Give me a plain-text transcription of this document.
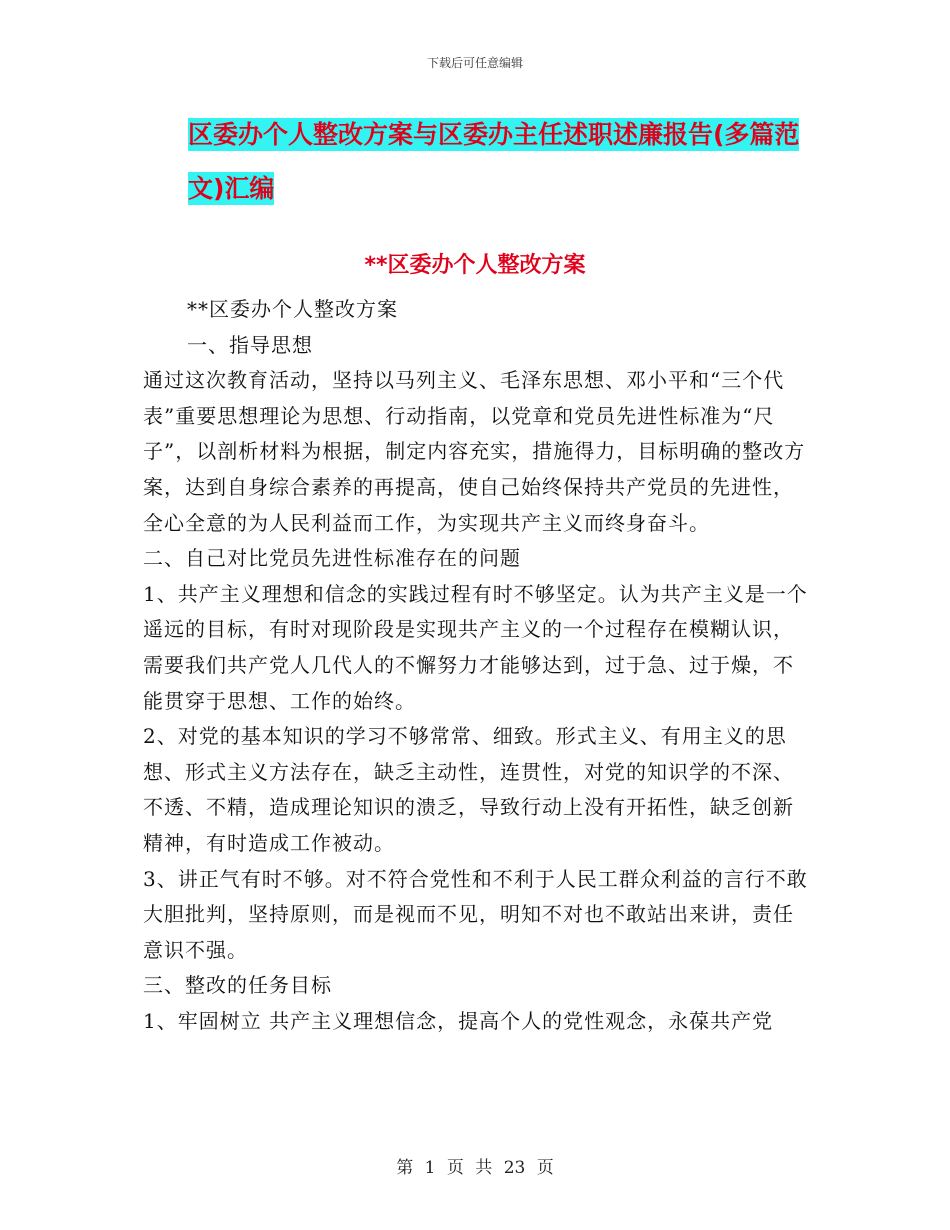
下载后可任意编辑
区委办个人整改方案与区委办主任述职述廉报告(多篇范文)汇编
**区委办个人整改方案

**区委办个人整改方案

一、指导思想

通过这次教育活动，坚持以马列主义、毛泽东思想、邓小平和“三个代表”重要思想理论为思想、行动指南，以党章和党员先进性标准为“尺子”，以剖析材料为根据，制定内容充实，措施得力，目标明确的整改方案，达到自身综合素养的再提高，使自己始终保持共产党员的先进性，全心全意的为人民利益而工作，为实现共产主义而终身奋斗。

二、自己对比党员先进性标准存在的问题

1、共产主义理想和信念的实践过程有时不够坚定。认为共产主义是一个遥远的目标，有时对现阶段是实现共产主义的一个过程存在模糊认识，需要我们共产党人几代人的不懈努力才能够达到，过于急、过于燥，不能贯穿于思想、工作的始终。

2、对党的基本知识的学习不够常常、细致。形式主义、有用主义的思想、形式主义方法存在，缺乏主动性，连贯性，对党的知识学的不深、不透、不精，造成理论知识的溃乏，导致行动上没有开拓性，缺乏创新精神，有时造成工作被动。

3、讲正气有时不够。对不符合党性和不利于人民工群众利益的言行不敢大胆批判，坚持原则，而是视而不见，明知不对也不敢站出来讲，责任意识不强。

三、整改的任务目标

1、牢固树立 共产主义理想信念，提高个人的党性观念，永葆共产党

第 1 页 共 23 页
